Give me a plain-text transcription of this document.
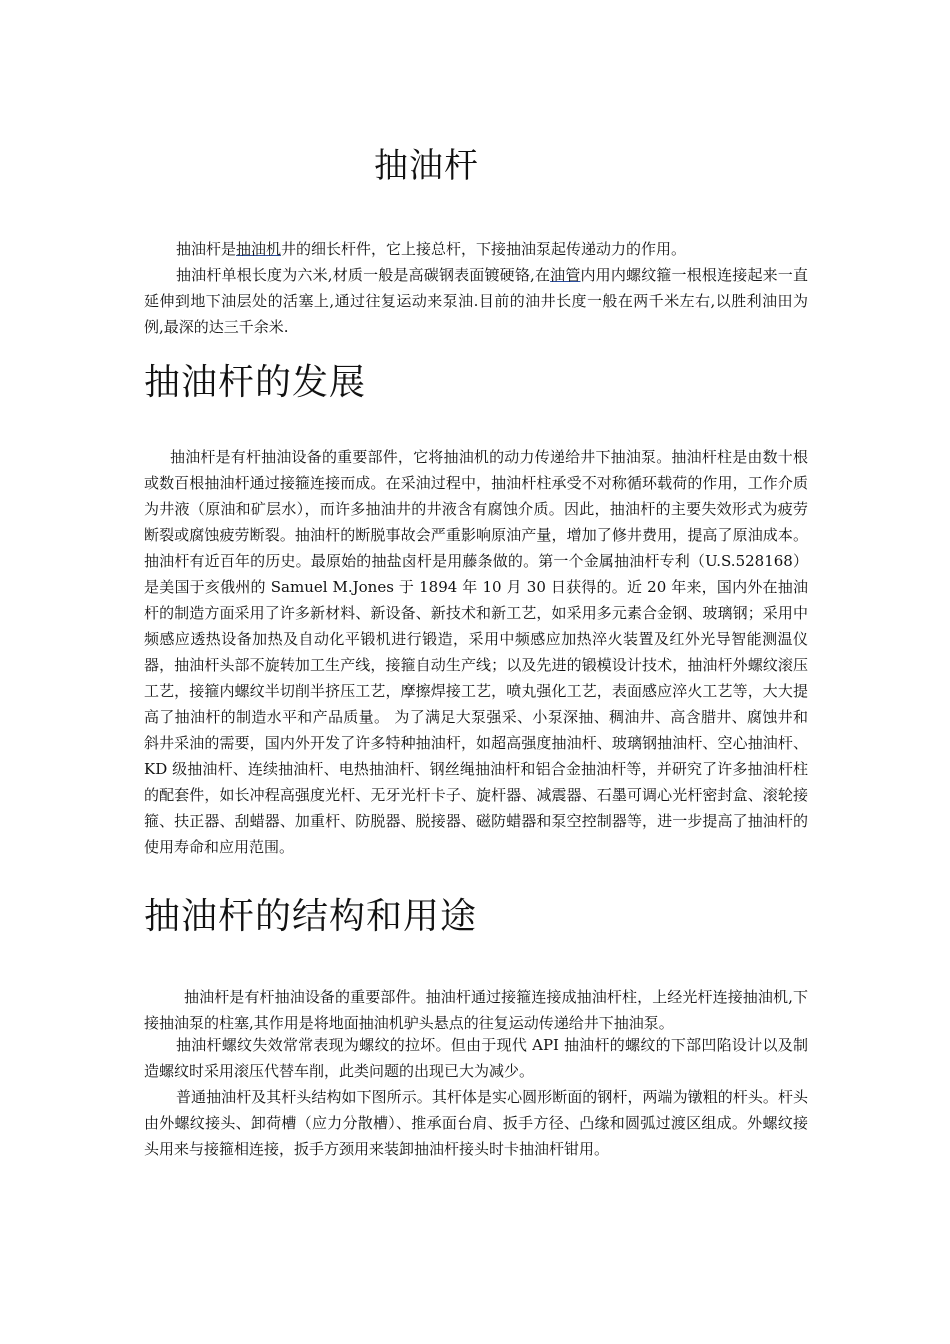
抽油杆

抽油杆是抽油机井的细长杆件，它上接总杆，下接抽油泵起传递动力的作用。

抽油杆单根长度为六米,材质一般是高碳钢表面镀硬铬,在油管内用内螺纹箍一根根连接起来一直延伸到地下油层处的活塞上,通过往复运动来泵油.目前的油井长度一般在两千米左右,以胜利油田为例,最深的达三千余米.

抽油杆的发展

抽油杆是有杆抽油设备的重要部件，它将抽油机的动力传递给井下抽油泵。抽油杆柱是由数十根或数百根抽油杆通过接箍连接而成。在采油过程中，抽油杆柱承受不对称循环载荷的作用，工作介质为井液（原油和矿层水），而许多抽油井的井液含有腐蚀介质。因此，抽油杆的主要失效形式为疲劳断裂或腐蚀疲劳断裂。抽油杆的断脱事故会严重影响原油产量，增加了修井费用，提高了原油成本。 抽油杆有近百年的历史。最原始的抽盐卤杆是用藤条做的。第一个金属抽油杆专利（U.S.528168）是美国于亥俄州的 Samuel M.Jones 于 1894 年 10 月 30 日获得的。近 20 年来，国内外在抽油杆的制造方面采用了许多新材料、新设备、新技术和新工艺，如采用多元素合金钢、玻璃钢；采用中频感应透热设备加热及自动化平锻机进行锻造，采用中频感应加热淬火装置及红外光导智能测温仪器，抽油杆头部不旋转加工生产线，接箍自动生产线；以及先进的锻模设计技术，抽油杆外螺纹滚压工艺，接箍内螺纹半切削半挤压工艺，摩擦焊接工艺，喷丸强化工艺，表面感应淬火工艺等，大大提高了抽油杆的制造水平和产品质量。 为了满足大泵强采、小泵深抽、稠油井、高含腊井、腐蚀井和斜井采油的需要，国内外开发了许多特种抽油杆，如超高强度抽油杆、玻璃钢抽油杆、空心抽油杆、KD 级抽油杆、连续抽油杆、电热抽油杆、钢丝绳抽油杆和铝合金抽油杆等，并研究了许多抽油杆柱的配套件，如长冲程高强度光杆、无牙光杆卡子、旋杆器、减震器、石墨可调心光杆密封盒、滚轮接箍、扶正器、刮蜡器、加重杆、防脱器、脱接器、磁防蜡器和泵空控制器等，进一步提高了抽油杆的使用寿命和应用范围。

抽油杆的结构和用途

抽油杆是有杆抽油设备的重要部件。抽油杆通过接箍连接成抽油杆柱，上经光杆连接抽油机,下接抽油泵的柱塞,其作用是将地面抽油机驴头悬点的往复运动传递给井下抽油泵。

抽油杆螺纹失效常常表现为螺纹的拉坏。但由于现代 API 抽油杆的螺纹的下部凹陷设计以及制造螺纹时采用滚压代替车削，此类问题的出现已大为减少。

普通抽油杆及其杆头结构如下图所示。其杆体是实心圆形断面的钢杆，两端为镦粗的杆头。杆头由外螺纹接头、卸荷槽（应力分散槽）、推承面台肩、扳手方径、凸缘和圆弧过渡区组成。外螺纹接头用来与接箍相连接，扳手方颈用来装卸抽油杆接头时卡抽油杆钳用。
